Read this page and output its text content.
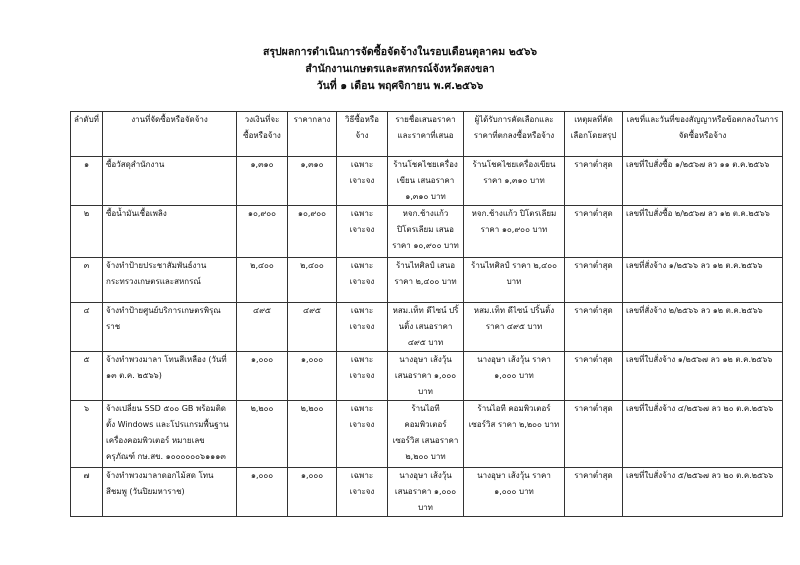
สรุปผลการดำเนินการจัดซื้อจัดจ้างในรอบเดือนตุลาคม ๒๕๖๖
สำนักงานเกษตรและสหกรณ์จังหวัดสงขลา
วันที่ ๑ เดือน พฤศจิกายน พ.ศ.๒๕๖๖
ลำดับที่	งานที่จัดซื้อหรือจัดจ้าง	วงเงินที่จะซื้อหรือจ้าง	ราคากลาง	วิธีซื้อหรือจ้าง	รายชื่อเสนอราคาและราคาที่เสนอ	ผู้ได้รับการคัดเลือกและราคาที่ตกลงซื้อหรือจ้าง	เหตุผลที่คัดเลือกโดยสรุป	เลขที่และวันที่ของสัญญาหรือข้อตกลงในการจัดซื้อหรือจ้าง
๑	ซื้อวัสดุสำนักงาน	๑,๓๑๐	๑,๓๑๐	เฉพาะเจาะจง	ร้านโชคไชยเครื่องเขียน เสนอราคา ๑,๓๑๐ บาท	ร้านโชคไชยเครื่องเขียน ราคา ๑,๓๑๐ บาท	ราคาต่ำสุด	เลขที่ใบสั่งซื้อ ๑/๒๕๖๗ ลว ๑๑ ต.ค.๒๕๖๖
๒	ซื้อน้ำมันเชื้อเพลิง	๑๐,๙๐๐	๑๐,๙๐๐	เฉพาะเจาะจง	หจก.ช้างแก้ว ปิโตรเลียม เสนอราคา ๑๐,๙๐๐ บาท	หจก.ช้างแก้ว ปิโตรเลียม ราคา ๑๐,๙๐๐ บาท	ราคาต่ำสุด	เลขที่ใบสั่งซื้อ ๒/๒๕๖๗ ลว ๑๒ ต.ค.๒๕๖๖
๓	จ้างทำป้ายประชาสัมพันธ์งานกระทรวงเกษตรและสหกรณ์	๒,๔๐๐	๒,๔๐๐	เฉพาะเจาะจง	ร้านไทศิลป์ เสนอราคา ๒,๔๐๐ บาท	ร้านไทศิลป์ ราคา ๒,๔๐๐ บาท	ราคาต่ำสุด	เลขที่สั่งจ้าง ๑/๒๕๖๖ ลว ๑๒ ต.ค.๒๕๖๖
๔	จ้างทำป้ายศูนย์บริการเกษตรพิรุณราช	๔๙๕	๔๙๕	เฉพาะเจาะจง	หสม.เท็ท ดีไซน์ ปริ้นติ้ง เสนอราคา ๔๙๕ บาท	หสม.เท็ท ดีไซน์ ปริ้นติ้ง ราคา ๔๙๕ บาท	ราคาต่ำสุด	เลขที่สั่งจ้าง ๒/๒๕๖๖ ลว ๑๒ ต.ค.๒๕๖๖
๕	จ้างทำพวงมาลา โทนสีเหลือง (วันที่ ๑๓ ต.ค. ๒๕๖๖)	๑,๐๐๐	๑,๐๐๐	เฉพาะเจาะจง	นางอุษา เส้งวุ้น เสนอราคา ๑,๐๐๐ บาท	นางอุษา เส้งวุ้น ราคา ๑,๐๐๐ บาท	ราคาต่ำสุด	เลขที่ใบสั่งจ้าง ๑/๒๕๖๗ ลว ๑๒ ต.ค.๒๕๖๖
๖	จ้างเปลี่ยน SSD ๕๐๐ GB พร้อมติดตั้ง Windows และโปรแกรมพื้นฐานเครื่องคอมพิวเตอร์ หมายเลขครุภัณฑ์ กษ.สข. ๑๐๐๐๐๐๐๖๑๑๑๓	๒,๒๐๐	๒,๒๐๐	เฉพาะเจาะจง	ร้านไอที คอมพิวเตอร์ เซอร์วิส เสนอราคา ๒,๒๐๐ บาท	ร้านไอที คอมพิวเตอร์ เซอร์วิส ราคา ๒,๒๐๐ บาท	ราคาต่ำสุด	เลขที่ใบสั่งจ้าง ๔/๒๕๖๗ ลว ๒๐ ต.ค.๒๕๖๖
๗	จ้างทำพวงมาลาดอกไม้สด โทนสีชมพู (วันปิยมหาราช)	๑,๐๐๐	๑,๐๐๐	เฉพาะเจาะจง	นางอุษา เส้งวุ้น เสนอราคา ๑,๐๐๐ บาท	นางอุษา เส้งวุ้น ราคา ๑,๐๐๐ บาท	ราคาต่ำสุด	เลขที่ใบสั่งจ้าง ๕/๒๕๖๗ ลว ๒๐ ต.ค.๒๕๖๖
